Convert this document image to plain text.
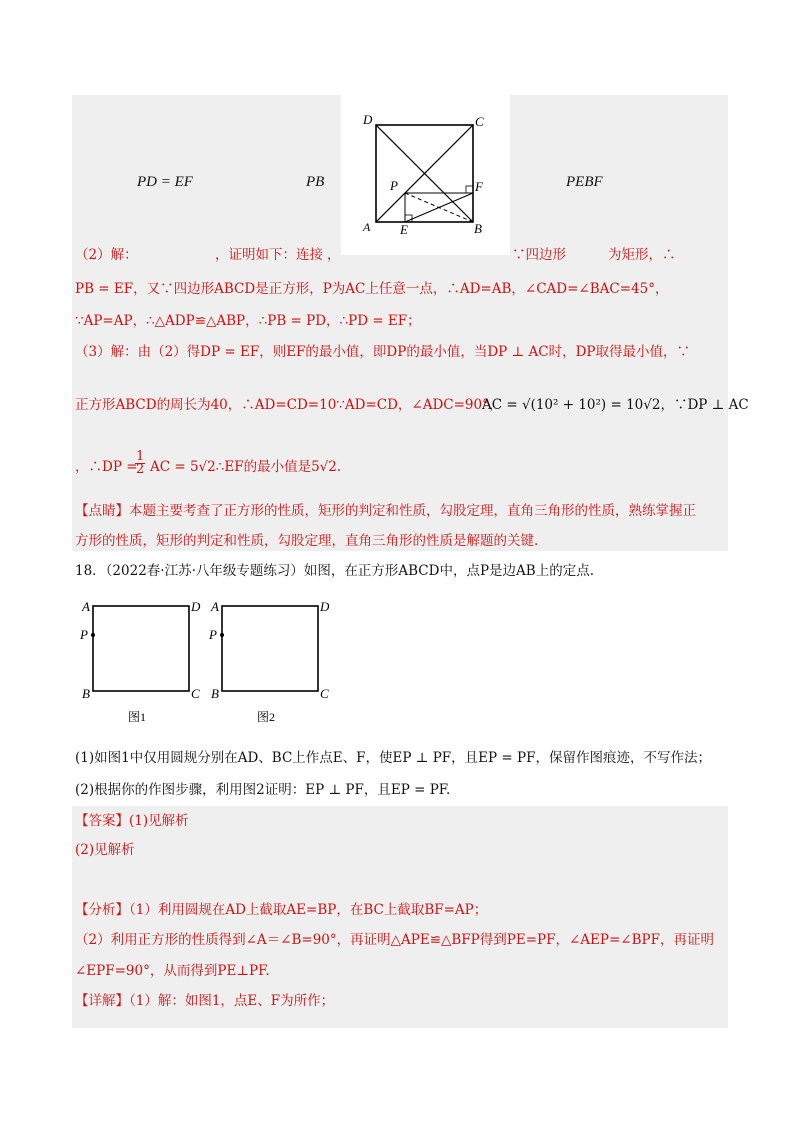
PD = EF	PB	PEBF
D	C
P	F
A E	B
（2）解：	，证明如下：连接 ，	∵四边形	为矩形，∴
PB = EF，又∵四边形ABCD是正方形，P为AC上任意一点，∴AD=AB，∠CAD=∠BAC=45°，
∵AP=AP，∴△ADP≌△ABP，∴PB = PD，∴PD = EF；
（3）解：由（2）得DP = EF，则EF的最小值，即DP的最小值，当DP ⊥ AC时，DP取得最小值，∵
正方形ABCD的周长为40，∴AD=CD=10∵AD=CD，∠ADC=90°，
AC = √(10² + 10²) = 10√2，∵DP ⊥ AC
，∴DP =
$\frac{1}{2}$ AC = 5√2∴EF的最小值是5√2.
【点睛】本题主要考查了正方形的性质，矩形的判定和性质，勾股定理，直角三角形的性质，熟练掌握正
方形的性质，矩形的判定和性质，勾股定理，直角三角形的性质是解题的关键.
18．（2022春·江苏·八年级专题练习）如图，在正方形ABCD中，点P是边AB上的定点.
A	D
P
B	C
图1
A	D
P
B	C
图2
(1)如图1中仅用圆规分别在AD、BC上作点E、F，使EP ⊥ PF，且EP = PF，保留作图痕迹，不写作法；
(2)根据你的作图步骤，利用图2证明：EP ⊥ PF，且EP = PF.
【答案】(1)见解析
(2)见解析
【分析】（1）利用圆规在AD上截取AE=BP，在BC上截取BF=AP；
（2）利用正方形的性质得到∠A＝∠B=90°，再证明△APE≌△BFP得到PE=PF，∠AEP=∠BPF，再证明
∠EPF=90°，从而得到PE⊥PF.
【详解】（1）解：如图1，点E、F为所作；
